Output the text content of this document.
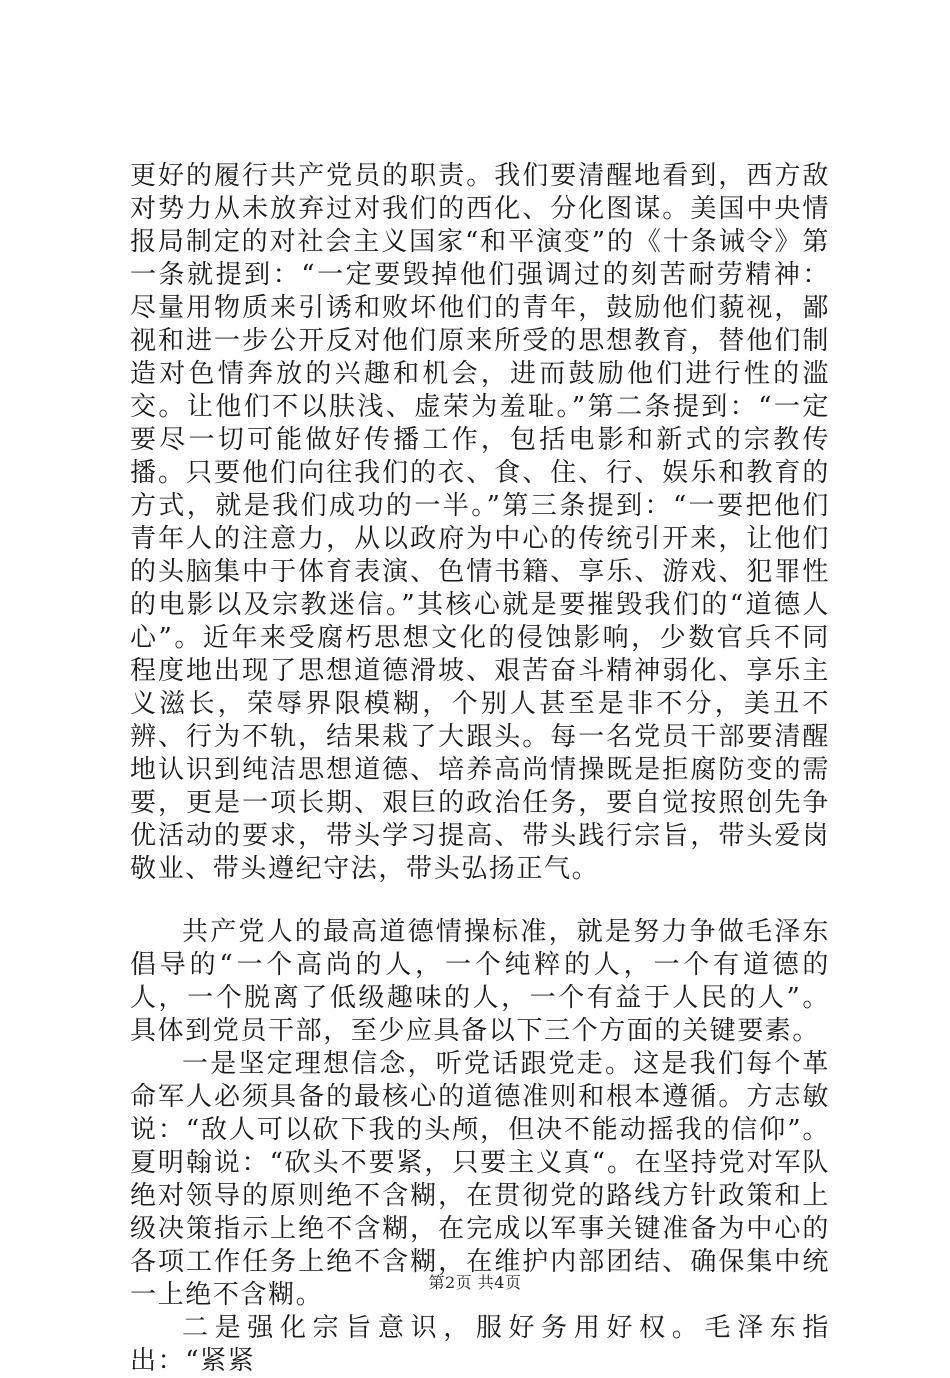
更好的履行共产党员的职责。我们要清醒地看到，西方敌对势力从未放弃过对我们的西化、分化图谋。美国中央情报局制定的对社会主义国家“和平演变”的《十条诫令》第一条就提到：“一定要毁掉他们强调过的刻苦耐劳精神：尽量用物质来引诱和败坏他们的青年，鼓励他们藐视，鄙视和进一步公开反对他们原来所受的思想教育，替他们制造对色情奔放的兴趣和机会，进而鼓励他们进行性的滥交。让他们不以肤浅、虚荣为羞耻。”第二条提到：“一定要尽一切可能做好传播工作，包括电影和新式的宗教传播。只要他们向往我们的衣、食、住、行、娱乐和教育的方式，就是我们成功的一半。”第三条提到：“一要把他们青年人的注意力，从以政府为中心的传统引开来，让他们的头脑集中于体育表演、色情书籍、享乐、游戏、犯罪性的电影以及宗教迷信。”其核心就是要摧毁我们的“道德人心”。近年来受腐朽思想文化的侵蚀影响，少数官兵不同程度地出现了思想道德滑坡、艰苦奋斗精神弱化、享乐主义滋长，荣辱界限模糊，个别人甚至是非不分，美丑不辨、行为不轨，结果栽了大跟头。每一名党员干部要清醒地认识到纯洁思想道德、培养高尚情操既是拒腐防变的需要，更是一项长期、艰巨的政治任务，要自觉按照创先争优活动的要求，带头学习提高、带头践行宗旨，带头爱岗敬业、带头遵纪守法，带头弘扬正气。

共产党人的最高道德情操标准，就是努力争做毛泽东倡导的“一个高尚的人，一个纯粹的人，一个有道德的人，一个脱离了低级趣味的人，一个有益于人民的人”。具体到党员干部，至少应具备以下三个方面的关键要素。

一是坚定理想信念，听党话跟党走。这是我们每个革命军人必须具备的最核心的道德准则和根本遵循。方志敏说：“敌人可以砍下我的头颅，但决不能动摇我的信仰”。夏明翰说：“砍头不要紧，只要主义真“。在坚持党对军队绝对领导的原则绝不含糊，在贯彻党的路线方针政策和上级决策指示上绝不含糊，在完成以军事关键准备为中心的各项工作任务上绝不含糊，在维护内部团结、确保集中统一上绝不含糊。

二是强化宗旨意识，服好务用好权。毛泽东指出：“紧紧

第2页 共4页
